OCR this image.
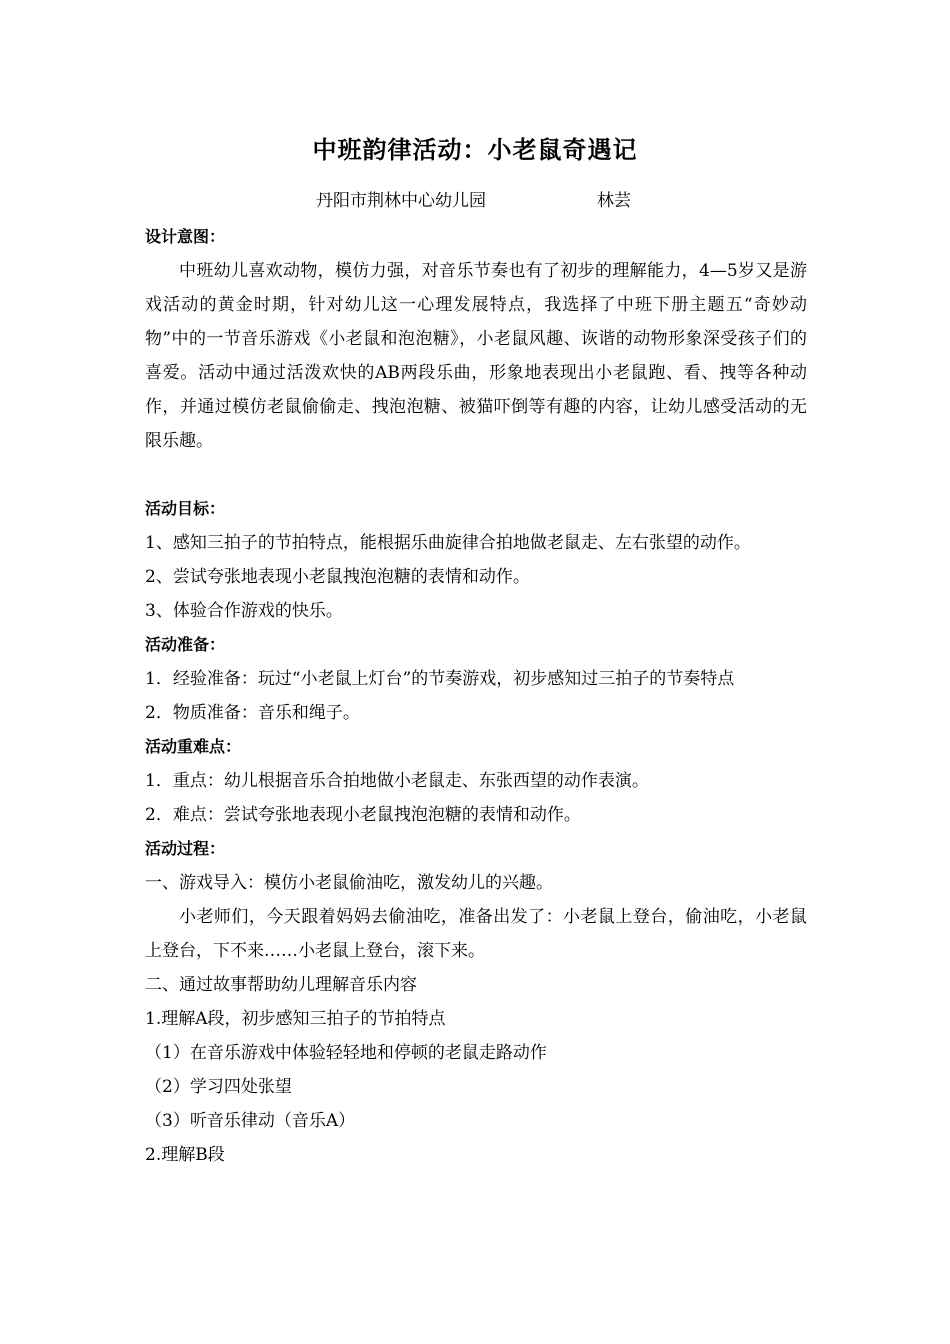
中班韵律活动：小老鼠奇遇记
丹阳市荆林中心幼儿园	林芸
设计意图：

中班幼儿喜欢动物，模仿力强，对音乐节奏也有了初步的理解能力，4—5岁又是游戏活动的黄金时期，针对幼儿这一心理发展特点，我选择了中班下册主题五“奇妙动物”中的一节音乐游戏《小老鼠和泡泡糖》，小老鼠风趣、诙谐的动物形象深受孩子们的喜爱。活动中通过活泼欢快的AB两段乐曲，形象地表现出小老鼠跑、看、拽等各种动作，并通过模仿老鼠偷偷走、拽泡泡糖、被猫吓倒等有趣的内容，让幼儿感受活动的无限乐趣。

活动目标：
1、感知三拍子的节拍特点，能根据乐曲旋律合拍地做老鼠走、左右张望的动作。
2、尝试夸张地表现小老鼠拽泡泡糖的表情和动作。
3、体验合作游戏的快乐。
活动准备：
1．经验准备：玩过“小老鼠上灯台”的节奏游戏，初步感知过三拍子的节奏特点
2．物质准备：音乐和绳子。
活动重难点：
1．重点：幼儿根据音乐合拍地做小老鼠走、东张西望的动作表演。
2．难点：尝试夸张地表现小老鼠拽泡泡糖的表情和动作。
活动过程：
一、游戏导入：模仿小老鼠偷油吃，激发幼儿的兴趣。

小老师们，今天跟着妈妈去偷油吃，准备出发了：小老鼠上登台，偷油吃，小老鼠上登台，下不来……小老鼠上登台，滚下来。

二、通过故事帮助幼儿理解音乐内容
1.理解A段，初步感知三拍子的节拍特点
（1）在音乐游戏中体验轻轻地和停顿的老鼠走路动作
（2）学习四处张望
（3）听音乐律动（音乐A）
2.理解B段
